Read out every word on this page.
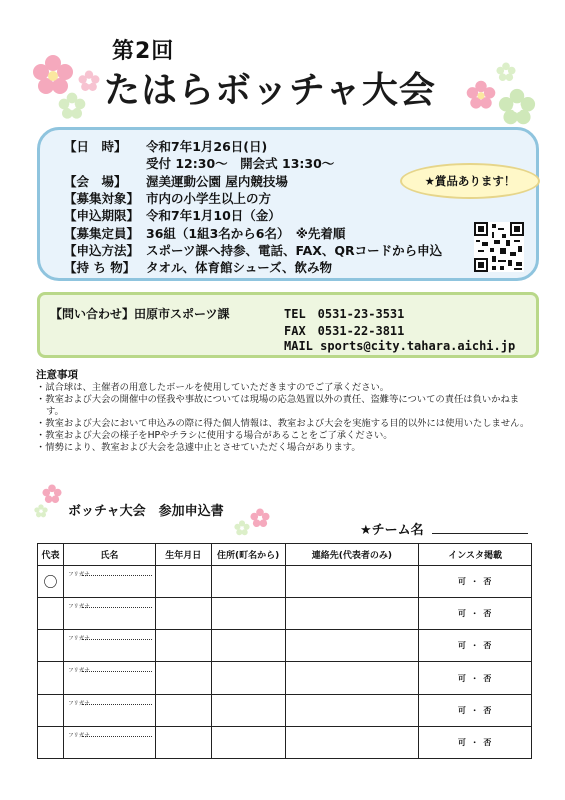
第2回
たはらボッチャ大会
【日　時】 令和7年1月26日(日)
受付 12:30～　開会式 13:30～
【会　場】 渥美運動公園 屋内競技場
【募集対象】 市内の小学生以上の方
【申込期限】 令和7年1月10日（金）
【募集定員】 36組（1組3名から6名）　※先着順
【申込方法】 スポーツ課へ持参、電話、FAX、QRコードから申込
【持 ち 物】 タオル、体育館シューズ、飲み物
★賞品あります！
【問い合わせ】田原市スポーツ課	TEL　0531-23-3531
FAX　0531-22-3811
MAIL sports@city.tahara.aichi.jp
注意事項
・試合球は、主催者の用意したボールを使用していただきますのでご了承ください。
・教室および大会の開催中の怪我や事故については現場の応急処置以外の責任、盗難等についての責任は負いかねます。
・教室および大会において申込みの際に得た個人情報は、教室および大会を実施する目的以外には使用いたしません。
・教室および大会の様子をHPやチラシに使用する場合があることをご了承ください。
・情勢により、教室および大会を急遽中止とさせていただく場合があります。
ボッチャ大会　参加申込書
★チーム名
代表	氏名	生年月日	住所(町名から)	連絡先(代表者のみ)	インスタ掲載
〇	フリガナ				可 ・ 否

	フリガナ				可 ・ 否

	フリガナ				可 ・ 否

	フリガナ				可 ・ 否

	フリガナ				可 ・ 否

	フリガナ				可 ・ 否
